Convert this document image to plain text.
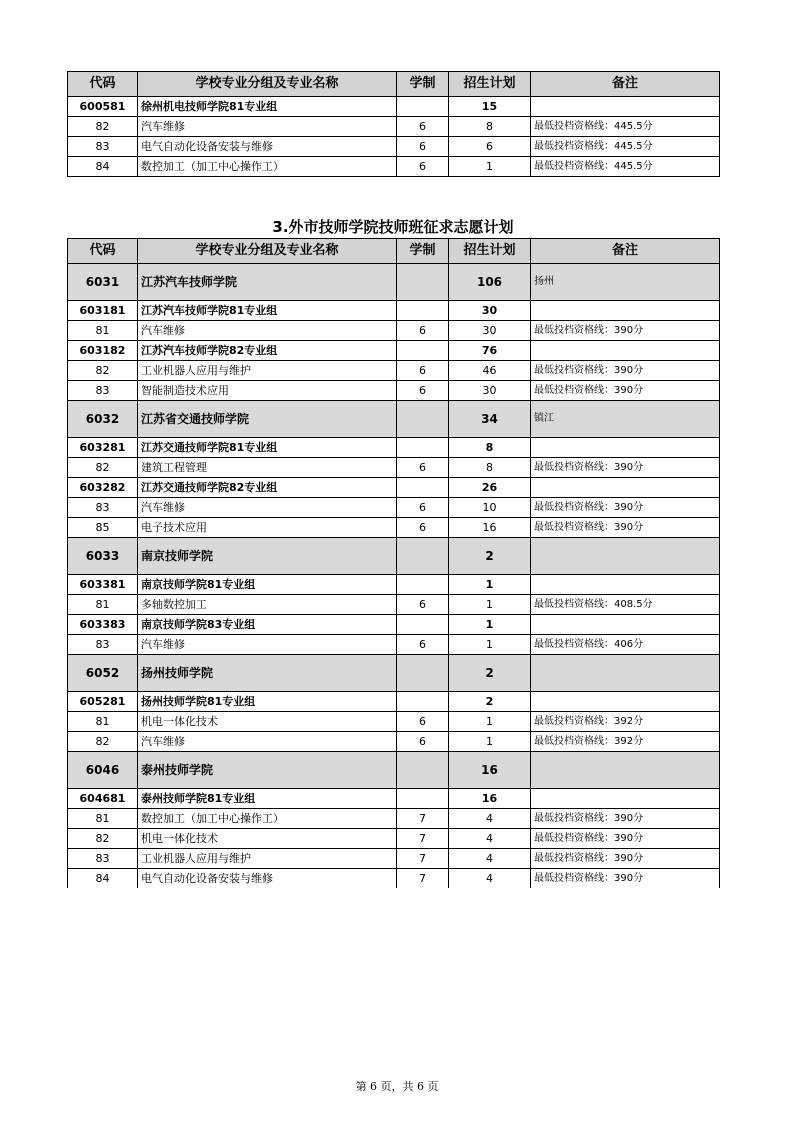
代码	学校专业分组及专业名称	学制	招生计划	备注
600581	徐州机电技师学院81专业组		15	
82	汽车维修	6	8	最低投档资格线：445.5分
83	电气自动化设备安装与维修	6	6	最低投档资格线：445.5分
84	数控加工（加工中心操作工）	6	1	最低投档资格线：445.5分
3.外市技师学院技师班征求志愿计划
代码	学校专业分组及专业名称	学制	招生计划	备注
6031	江苏汽车技师学院		106	扬州
603181	江苏汽车技师学院81专业组		30	
81	汽车维修	6	30	最低投档资格线：390分
603182	江苏汽车技师学院82专业组		76	
82	工业机器人应用与维护	6	46	最低投档资格线：390分
83	智能制造技术应用	6	30	最低投档资格线：390分
6032	江苏省交通技师学院		34	镇江
603281	江苏交通技师学院81专业组		8	
82	建筑工程管理	6	8	最低投档资格线：390分
603282	江苏交通技师学院82专业组		26	
83	汽车维修	6	10	最低投档资格线：390分
85	电子技术应用	6	16	最低投档资格线：390分
6033	南京技师学院		2	
603381	南京技师学院81专业组		1	
81	多轴数控加工	6	1	最低投档资格线：408.5分
603383	南京技师学院83专业组		1	
83	汽车维修	6	1	最低投档资格线：406分
6052	扬州技师学院		2	
605281	扬州技师学院81专业组		2	
81	机电一体化技术	6	1	最低投档资格线：392分
82	汽车维修	6	1	最低投档资格线：392分
6046	泰州技师学院		16	
604681	泰州技师学院81专业组		16	
81	数控加工（加工中心操作工）	7	4	最低投档资格线：390分
82	机电一体化技术	7	4	最低投档资格线：390分
83	工业机器人应用与维护	7	4	最低投档资格线：390分
84	电气自动化设备安装与维修	7	4	最低投档资格线：390分
第 6 页，共 6 页
